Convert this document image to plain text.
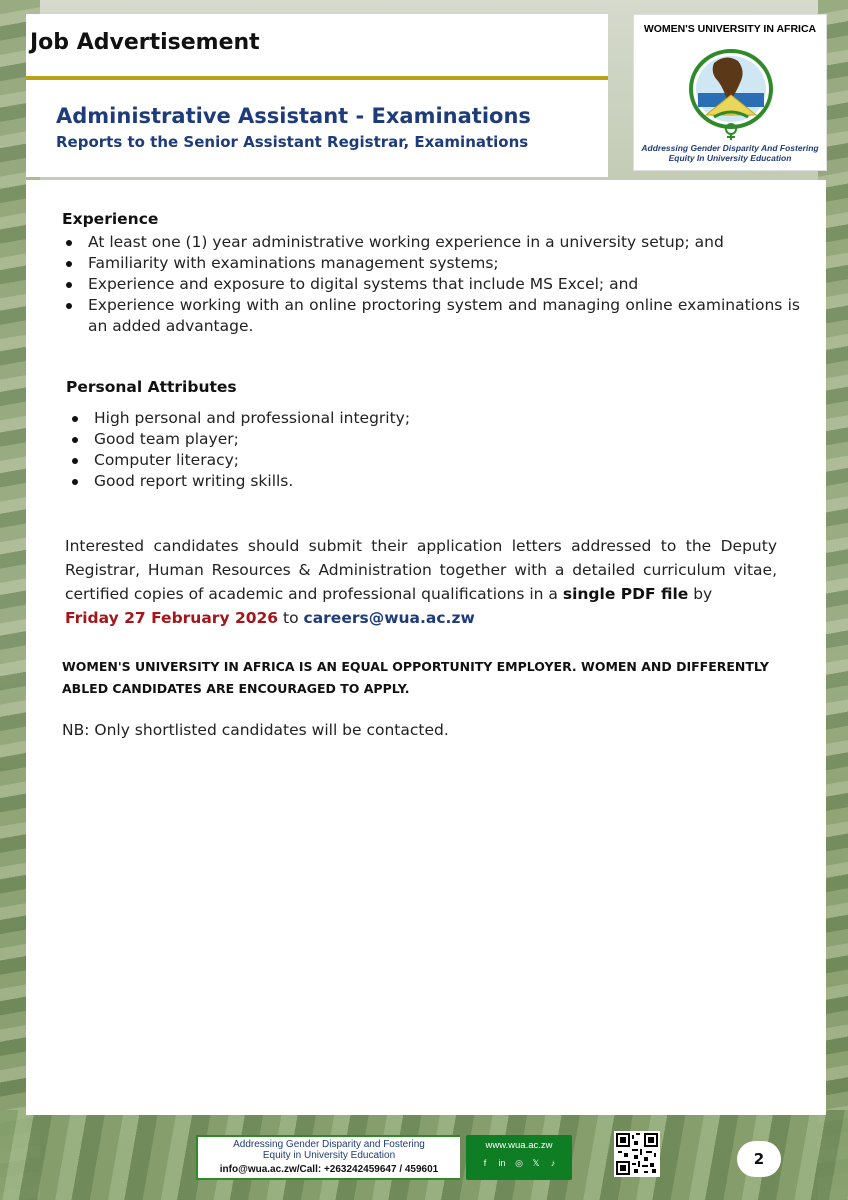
Job Advertisement
Administrative Assistant - Examinations
Reports to the Senior Assistant Registrar, Examinations
WOMEN'S UNIVERSITY IN AFRICA
Addressing Gender Disparity And Fostering
Equity In University Education
Experience
At least one (1) year administrative working experience in a university setup; and
Familiarity with examinations management systems;
Experience and exposure to digital systems that include MS Excel; and
Experience working with an online proctoring system and managing online examinations is an added advantage.
Personal Attributes
High personal and professional integrity;
Good team player;
Computer literacy;
Good report writing skills.
Interested candidates should submit their application letters addressed to the Deputy Registrar, Human Resources & Administration together with a detailed curriculum vitae, certified copies of academic and professional qualifications in a single PDF file by
Friday 27 February 2026 to careers@wua.ac.zw
WOMEN'S UNIVERSITY IN AFRICA IS AN EQUAL OPPORTUNITY EMPLOYER. WOMEN AND DIFFERENTLY ABLED CANDIDATES ARE ENCOURAGED TO APPLY.
NB: Only shortlisted candidates will be contacted.
Addressing Gender Disparity and Fostering
Equity in University Education
info@wua.ac.zw/Call: +263242459647 / 459601
www.wua.ac.zw
f	in ◎ 𝕏	♪	2
